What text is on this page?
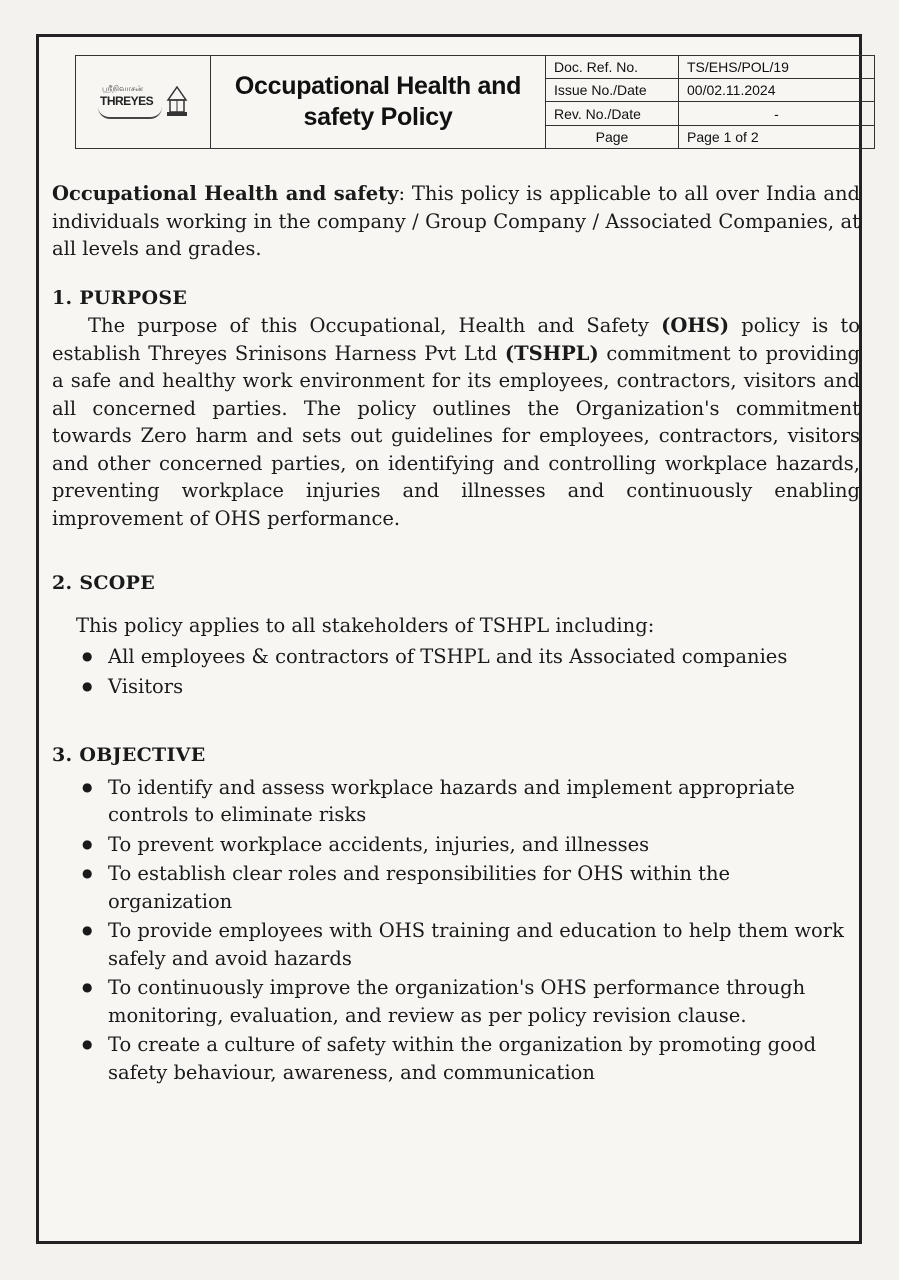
ஸ்ரீநிவாசன்
THREYES
Occupational Health and safety Policy
Doc. Ref. No.	TS/EHS/POL/19
Issue No./Date	00/02.11.2024
Rev. No./Date	-
Page	Page 1 of 2

Occupational Health and safety: This policy is applicable to all over India and individuals working in the company / Group Company / Associated Companies, at all levels and grades.

1. PURPOSE

The purpose of this Occupational, Health and Safety (OHS) policy is to establish Threyes Srinisons Harness Pvt Ltd (TSHPL) commitment to providing a safe and healthy work environment for its employees, contractors, visitors and all concerned parties. The policy outlines the Organization's commitment towards Zero harm and sets out guidelines for employees, contractors, visitors and other concerned parties, on identifying and controlling workplace hazards, preventing workplace injuries and illnesses and continuously enabling improvement of OHS performance.

2. SCOPE

This policy applies to all stakeholders of TSHPL including:

● All employees & contractors of TSHPL and its Associated companies
● Visitors

3. OBJECTIVE

● To identify and assess workplace hazards and implement appropriate controls to eliminate risks
● To prevent workplace accidents, injuries, and illnesses
● To establish clear roles and responsibilities for OHS within the organization
● To provide employees with OHS training and education to help them work safely and avoid hazards
● To continuously improve the organization's OHS performance through monitoring, evaluation, and review as per policy revision clause.
● To create a culture of safety within the organization by promoting good safety behaviour, awareness, and communication
